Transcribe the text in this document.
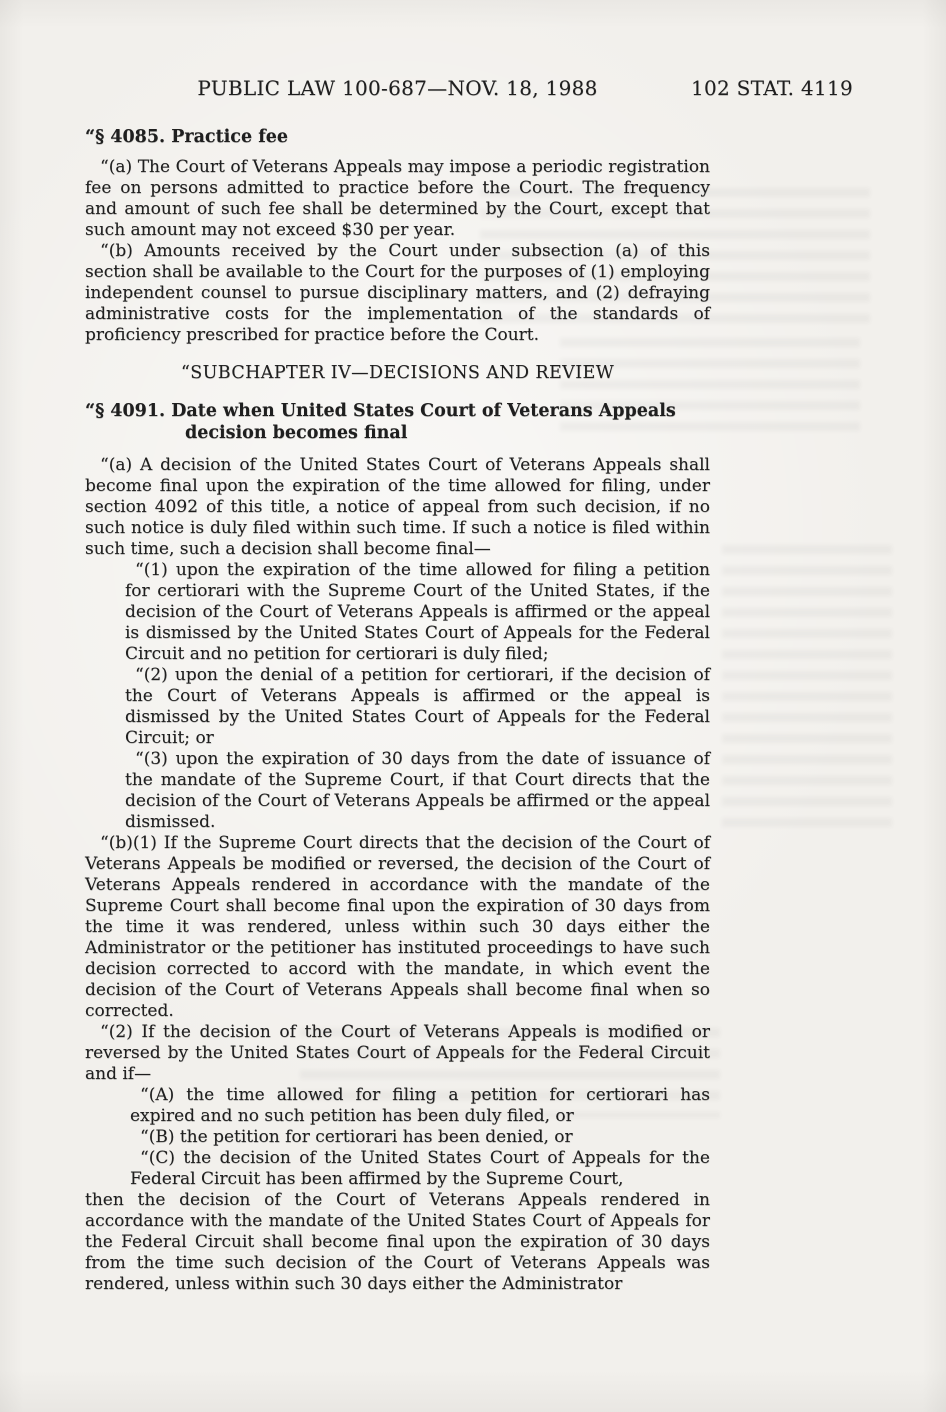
PUBLIC LAW 100-687—NOV. 18, 1988	102 STAT. 4119
“§ 4085. Practice fee

“(a) The Court of Veterans Appeals may impose a periodic registration fee on persons admitted to practice before the Court. The frequency and amount of such fee shall be determined by the Court, except that such amount may not exceed $30 per year.

“(b) Amounts received by the Court under subsection (a) of this section shall be available to the Court for the purposes of (1) employing independent counsel to pursue disciplinary matters, and (2) defraying administrative costs for the implementation of the standards of proficiency prescribed for practice before the Court.

“SUBCHAPTER IV—DECISIONS AND REVIEW
“§ 4091. Date when United States Court of Veterans Appeals decision becomes final

“(a) A decision of the United States Court of Veterans Appeals shall become final upon the expiration of the time allowed for filing, under section 4092 of this title, a notice of appeal from such decision, if no such notice is duly filed within such time. If such a notice is filed within such time, such a decision shall become final—

“(1) upon the expiration of the time allowed for filing a petition for certiorari with the Supreme Court of the United States, if the decision of the Court of Veterans Appeals is affirmed or the appeal is dismissed by the United States Court of Appeals for the Federal Circuit and no petition for certiorari is duly filed;

“(2) upon the denial of a petition for certiorari, if the decision of the Court of Veterans Appeals is affirmed or the appeal is dismissed by the United States Court of Appeals for the Federal Circuit; or

“(3) upon the expiration of 30 days from the date of issuance of the mandate of the Supreme Court, if that Court directs that the decision of the Court of Veterans Appeals be affirmed or the appeal dismissed.

“(b)(1) If the Supreme Court directs that the decision of the Court of Veterans Appeals be modified or reversed, the decision of the Court of Veterans Appeals rendered in accordance with the mandate of the Supreme Court shall become final upon the expiration of 30 days from the time it was rendered, unless within such 30 days either the Administrator or the petitioner has instituted proceedings to have such decision corrected to accord with the mandate, in which event the decision of the Court of Veterans Appeals shall become final when so corrected.

“(2) If the decision of the Court of Veterans Appeals is modified or reversed by the United States Court of Appeals for the Federal Circuit and if—

“(A) the time allowed for filing a petition for certiorari has expired and no such petition has been duly filed, or

“(B) the petition for certiorari has been denied, or

“(C) the decision of the United States Court of Appeals for the Federal Circuit has been affirmed by the Supreme Court,

then the decision of the Court of Veterans Appeals rendered in accordance with the mandate of the United States Court of Appeals for the Federal Circuit shall become final upon the expiration of 30 days from the time such decision of the Court of Veterans Appeals was rendered, unless within such 30 days either the Administrator
